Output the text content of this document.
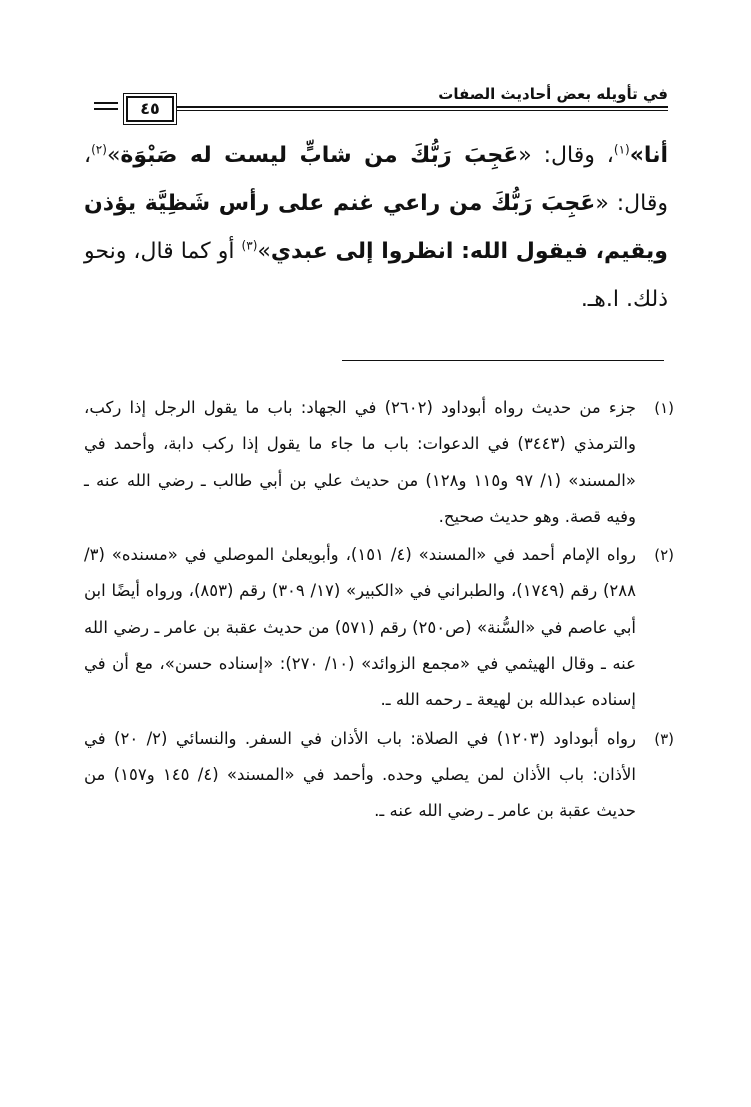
٤٥
في تأويله بعض أحاديث الصفات

أنا»$^{(١)}$، وقال: «عَجِبَ رَبُّكَ من شابٍّ ليست له صَبْوَة»$^{(٢)}$، وقال: «عَجِبَ رَبُّكَ من راعي غنم على رأس شَظِيَّة يؤذن ويقيم، فيقول الله: انظروا إلى عبدي»$^{(٣)}$ أو كما قال، ونحو ذلك. ا.هـ.

(١)
جزء من حديث رواه أبوداود (٢٦٠٢) في الجهاد: باب ما يقول الرجل إذا ركب، والترمذي (٣٤٤٣) في الدعوات: باب ما جاء ما يقول إذا ركب دابة، وأحمد في «المسند» (١/ ٩٧ و١١٥ و١٢٨) من حديث علي بن أبي طالب ـ رضي الله عنه ـ وفيه قصة. وهو حديث صحيح.

(٢)
رواه الإمام أحمد في «المسند» (٤/ ١٥١)، وأبويعلىٰ الموصلي في «مسنده» (٣/ ٢٨٨) رقم (١٧٤٩)، والطبراني في «الكبير» (١٧/ ٣٠٩) رقم (٨٥٣)، ورواه أيضًا ابن أبي عاصم في «السُّنة» (ص٢٥٠) رقم (٥٧١) من حديث عقبة بن عامر ـ رضي الله عنه ـ وقال الهيثمي في «مجمع الزوائد» (١٠/ ٢٧٠): «إسناده حسن»، مع أن في إسناده عبدالله بن لهيعة ـ رحمه الله ـ.

(٣)
رواه أبوداود (١٢٠٣) في الصلاة: باب الأذان في السفر. والنسائي (٢/ ٢٠) في الأذان: باب الأذان لمن يصلي وحده. وأحمد في «المسند» (٤/ ١٤٥ و١٥٧) من حديث عقبة بن عامر ـ رضي الله عنه ـ.
